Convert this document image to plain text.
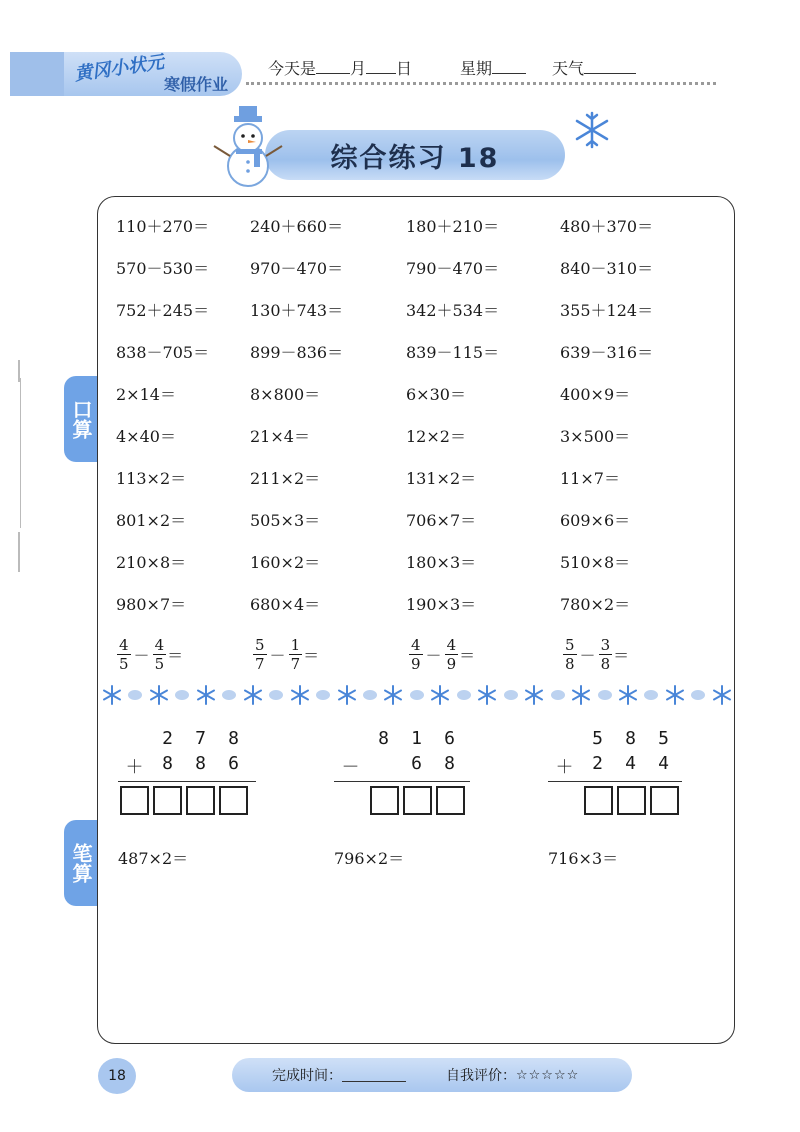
黄冈小状元
寒假作业
今天是 月 日	星期	天气
综合练习 18
口算
笔算
110＋270＝	240＋660＝	180＋210＝	480＋370＝
570－530＝	970－470＝	790－470＝	840－310＝
752＋245＝	130＋743＝	342＋534＝	355＋124＝
838－705＝	899－836＝	839－115＝	639－316＝
2×14＝	8×800＝	6×30＝	400×9＝
4×40＝	21×4＝	12×2＝	3×500＝
113×2＝	211×2＝	131×2＝	11×7＝
801×2＝	505×3＝	706×7＝	609×6＝
210×8＝	160×2＝	180×3＝	510×8＝
980×7＝	680×4＝	190×3＝	780×2＝
$\frac{4}{5} - \frac{4}{5}$ ＝	$\frac{5}{7} - \frac{1}{7}$ ＝	$\frac{4}{9} - \frac{4}{9}$ ＝	$\frac{5}{8} - \frac{3}{8}$ ＝
2	7	8
＋	8	8	6
8	1	6
－	6	8
5	8	5
＋	2	4	4
487×2＝	796×2＝	716×3＝
18	完成时间：	自我评价： ☆☆☆☆☆
